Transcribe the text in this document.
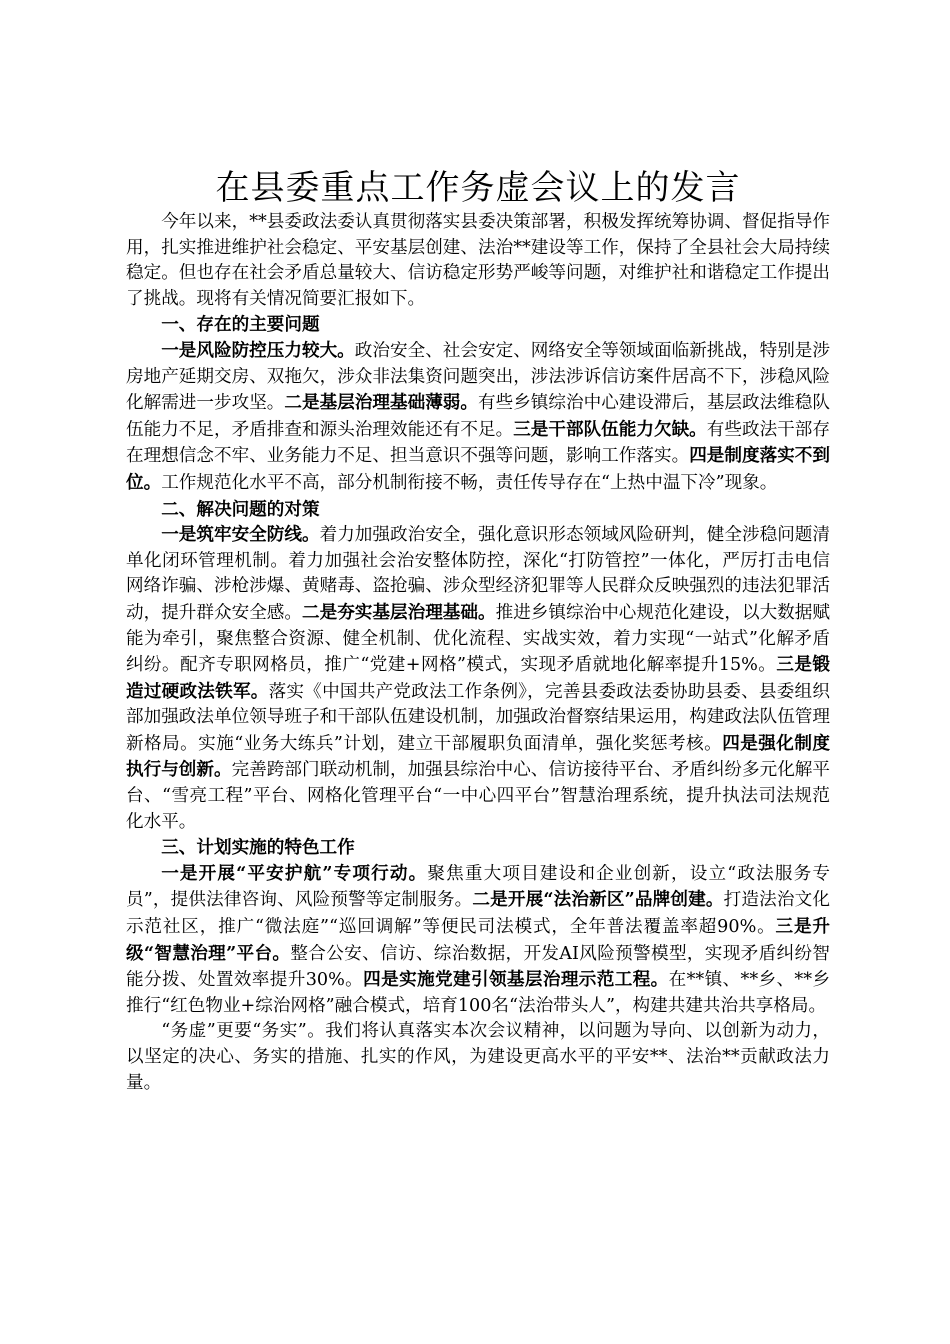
在县委重点工作务虚会议上的发言

今年以来，**县委政法委认真贯彻落实县委决策部署，积极发挥统筹协调、督促指导作用，扎实推进维护社会稳定、平安基层创建、法治**建设等工作，保持了全县社会大局持续稳定。但也存在社会矛盾总量较大、信访稳定形势严峻等问题，对维护社和谐稳定工作提出了挑战。现将有关情况简要汇报如下。

一、存在的主要问题

一是风险防控压力较大。政治安全、社会安定、网络安全等领域面临新挑战，特别是涉房地产延期交房、双拖欠，涉众非法集资问题突出，涉法涉诉信访案件居高不下，涉稳风险化解需进一步攻坚。二是基层治理基础薄弱。有些乡镇综治中心建设滞后，基层政法维稳队伍能力不足，矛盾排查和源头治理效能还有不足。三是干部队伍能力欠缺。有些政法干部存在理想信念不牢、业务能力不足、担当意识不强等问题，影响工作落实。四是制度落实不到位。工作规范化水平不高，部分机制衔接不畅，责任传导存在“上热中温下冷”现象。

二、解决问题的对策

一是筑牢安全防线。着力加强政治安全，强化意识形态领域风险研判，健全涉稳问题清单化闭环管理机制。着力加强社会治安整体防控，深化“打防管控”一体化，严厉打击电信网络诈骗、涉枪涉爆、黄赌毒、盗抢骗、涉众型经济犯罪等人民群众反映强烈的违法犯罪活动，提升群众安全感。二是夯实基层治理基础。推进乡镇综治中心规范化建设，以大数据赋能为牵引，聚焦整合资源、健全机制、优化流程、实战实效，着力实现“一站式”化解矛盾纠纷。配齐专职网格员，推广“党建+网格”模式，实现矛盾就地化解率提升15%。三是锻造过硬政法铁军。落实《中国共产党政法工作条例》，完善县委政法委协助县委、县委组织部加强政法单位领导班子和干部队伍建设机制，加强政治督察结果运用，构建政法队伍管理新格局。实施“业务大练兵”计划，建立干部履职负面清单，强化奖惩考核。四是强化制度执行与创新。完善跨部门联动机制，加强县综治中心、信访接待平台、矛盾纠纷多元化解平台、“雪亮工程”平台、网格化管理平台“一中心四平台”智慧治理系统，提升执法司法规范化水平。

三、计划实施的特色工作

一是开展“平安护航”专项行动。聚焦重大项目建设和企业创新，设立“政法服务专员”，提供法律咨询、风险预警等定制服务。二是开展“法治新区”品牌创建。打造法治文化示范社区，推广“微法庭”“巡回调解”等便民司法模式，全年普法覆盖率超90%。三是升级“智慧治理”平台。整合公安、信访、综治数据，开发AI风险预警模型，实现矛盾纠纷智能分拨、处置效率提升30%。四是实施党建引领基层治理示范工程。在**镇、**乡、**乡推行“红色物业+综治网格”融合模式，培育100名“法治带头人”，构建共建共治共享格局。

“务虚”更要“务实”。我们将认真落实本次会议精神，以问题为导向、以创新为动力，以坚定的决心、务实的措施、扎实的作风，为建设更高水平的平安**、法治**贡献政法力量。
